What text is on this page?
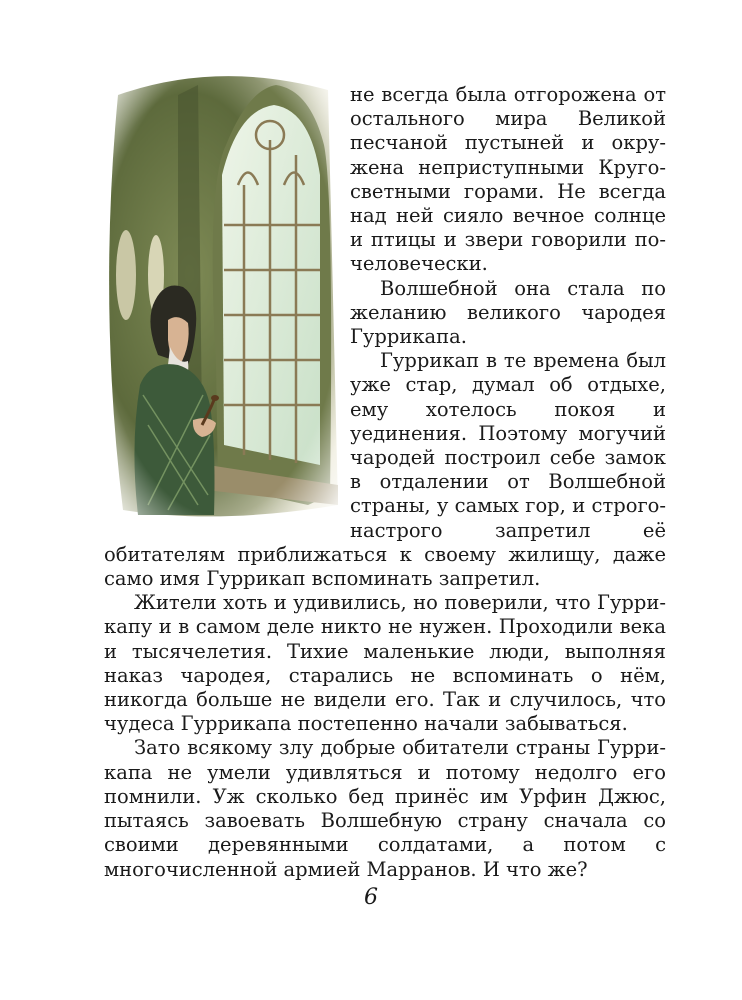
не всегда была отгорожена от остального мира Великой песчаной пустыней и окружена неприступными Кругосветными горами. Не всегда над ней сияло вечное солнце и птицы и звери говорили по-человечески.

Волшебной она стала по желанию великого чародея Гуррикапа.

Гуррикап в те времена был уже стар, думал об отдыхе, ему хотелось покоя и уединения. Поэтому могучий чародей построил себе замок в отдалении от Волшебной страны, у самых гор, и строго-настрого запретил её обитателям приближаться к своему жилищу, даже само имя Гуррикап вспоминать запретил.

Жители хоть и удивились, но поверили, что Гуррикапу и в самом деле никто не нужен. Проходили века и тысячелетия. Тихие маленькие люди, выполняя наказ чародея, старались не вспоминать о нём, никогда больше не видели его. Так и случилось, что чудеса Гуррикапа постепенно начали забываться.

Зато всякому злу добрые обитатели страны Гуррикапа не умели удивляться и потому недолго его помнили. Уж сколько бед принёс им Урфин Джюс, пытаясь завоевать Волшебную страну сначала со своими деревянными солдатами, а потом с многочисленной армией Марранов. И что же?

6
